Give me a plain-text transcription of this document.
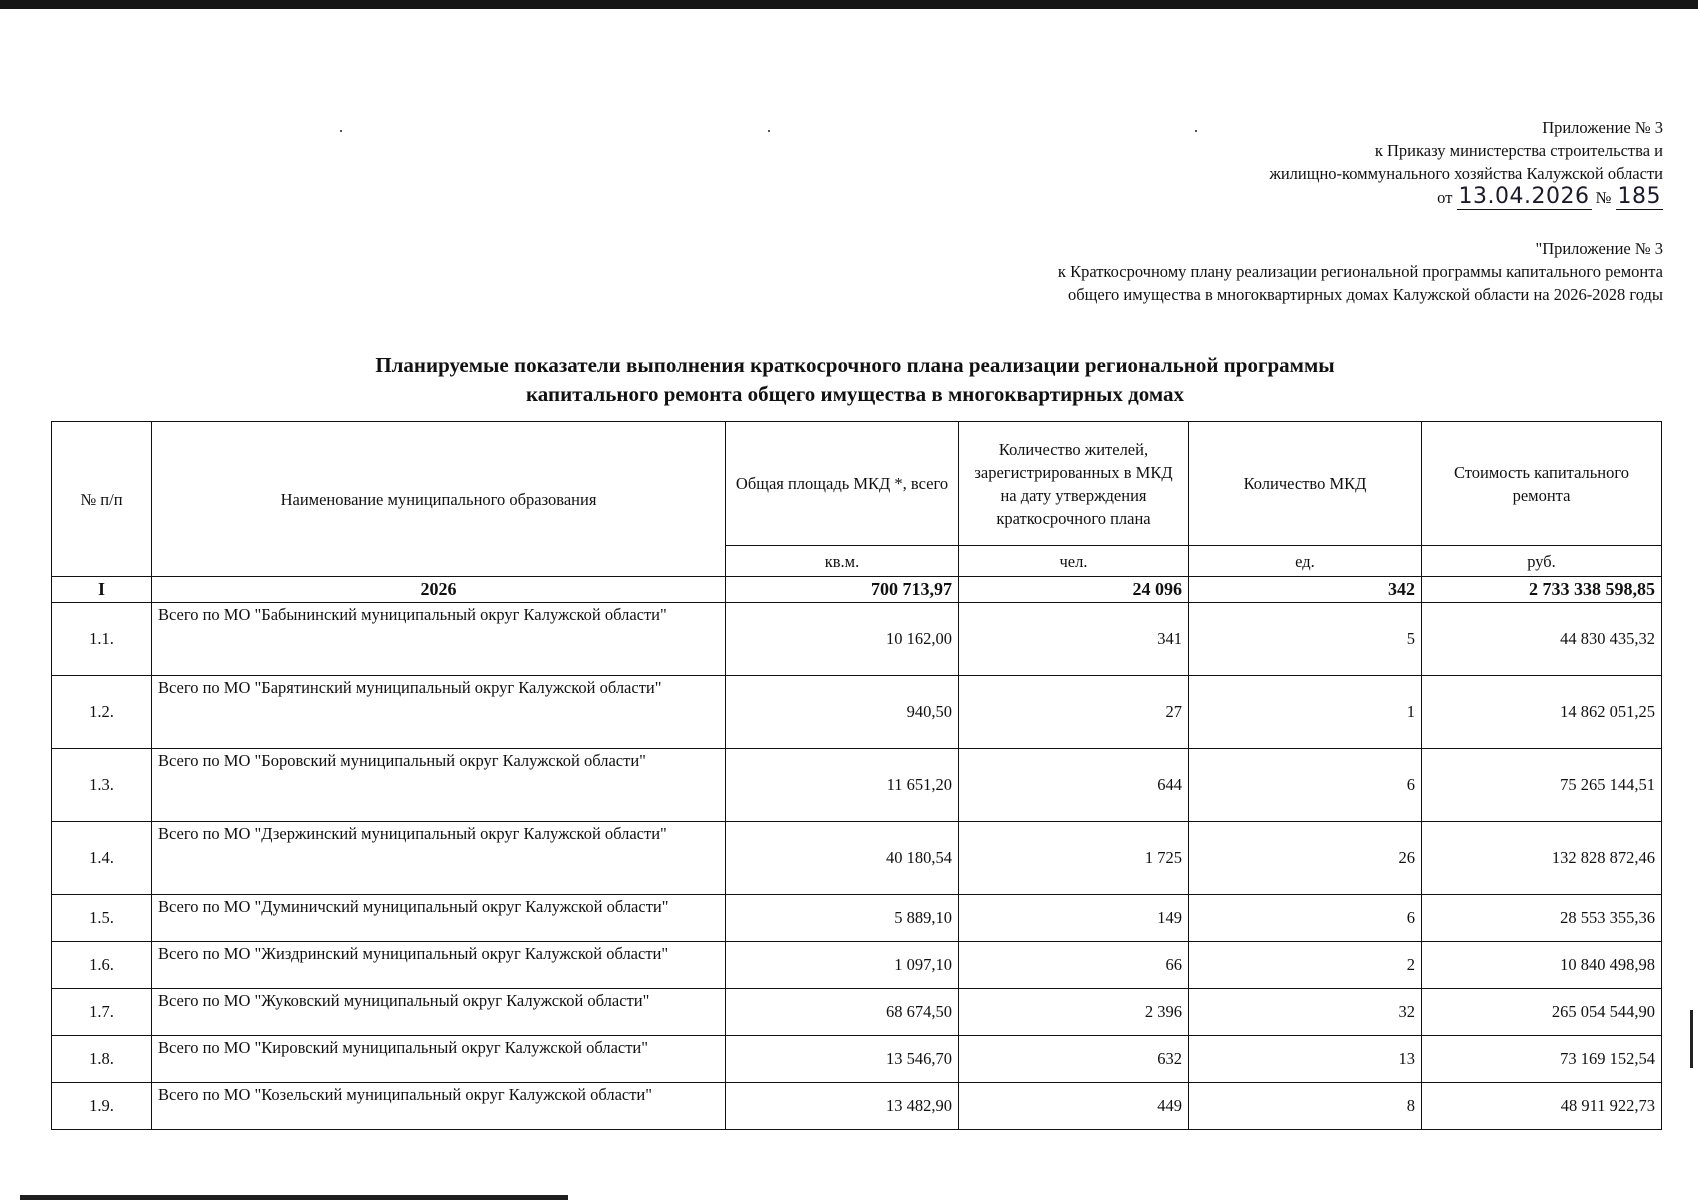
Приложение № 3
к Приказу министерства строительства и
жилищно-коммунального хозяйства Калужской области
от 13.04.2026 № 185
"Приложение № 3
к Краткосрочному плану реализации региональной программы капитального ремонта
общего имущества в многоквартирных домах Калужской области на 2026-2028 годы
Планируемые показатели выполнения краткосрочного плана реализации региональной программы
капитального ремонта общего имущества в многоквартирных домах
№ п/п	Наименование муниципального образования	Общая площадь МКД *, всего	Количество жителей, зарегистрированных в МКД на дату утверждения краткосрочного плана	Количество МКД	Стоимость капитального ремонта
		кв.м.	чел.	ед.	руб.
I	2026	700 713,97	24 096	342	2 733 338 598,85
1.1.	Всего по МО "Бабынинский муниципальный округ Калужской области"	10 162,00	341	5	44 830 435,32
1.2.	Всего по МО "Барятинский муниципальный округ Калужской области"	940,50	27	1	14 862 051,25
1.3.	Всего по МО "Боровский муниципальный округ Калужской области"	11 651,20	644	6	75 265 144,51
1.4.	Всего по МО "Дзержинский муниципальный округ Калужской области"	40 180,54	1 725	26	132 828 872,46
1.5.	Всего по МО "Думиничский муниципальный округ Калужской области"	5 889,10	149	6	28 553 355,36
1.6.	Всего по МО "Жиздринский муниципальный округ Калужской области"	1 097,10	66	2	10 840 498,98
1.7.	Всего по МО "Жуковский муниципальный округ Калужской области"	68 674,50	2 396	32	265 054 544,90
1.8.	Всего по МО "Кировский муниципальный округ Калужской области"	13 546,70	632	13	73 169 152,54
1.9.	Всего по МО "Козельский муниципальный округ Калужской области"	13 482,90	449	8	48 911 922,73
